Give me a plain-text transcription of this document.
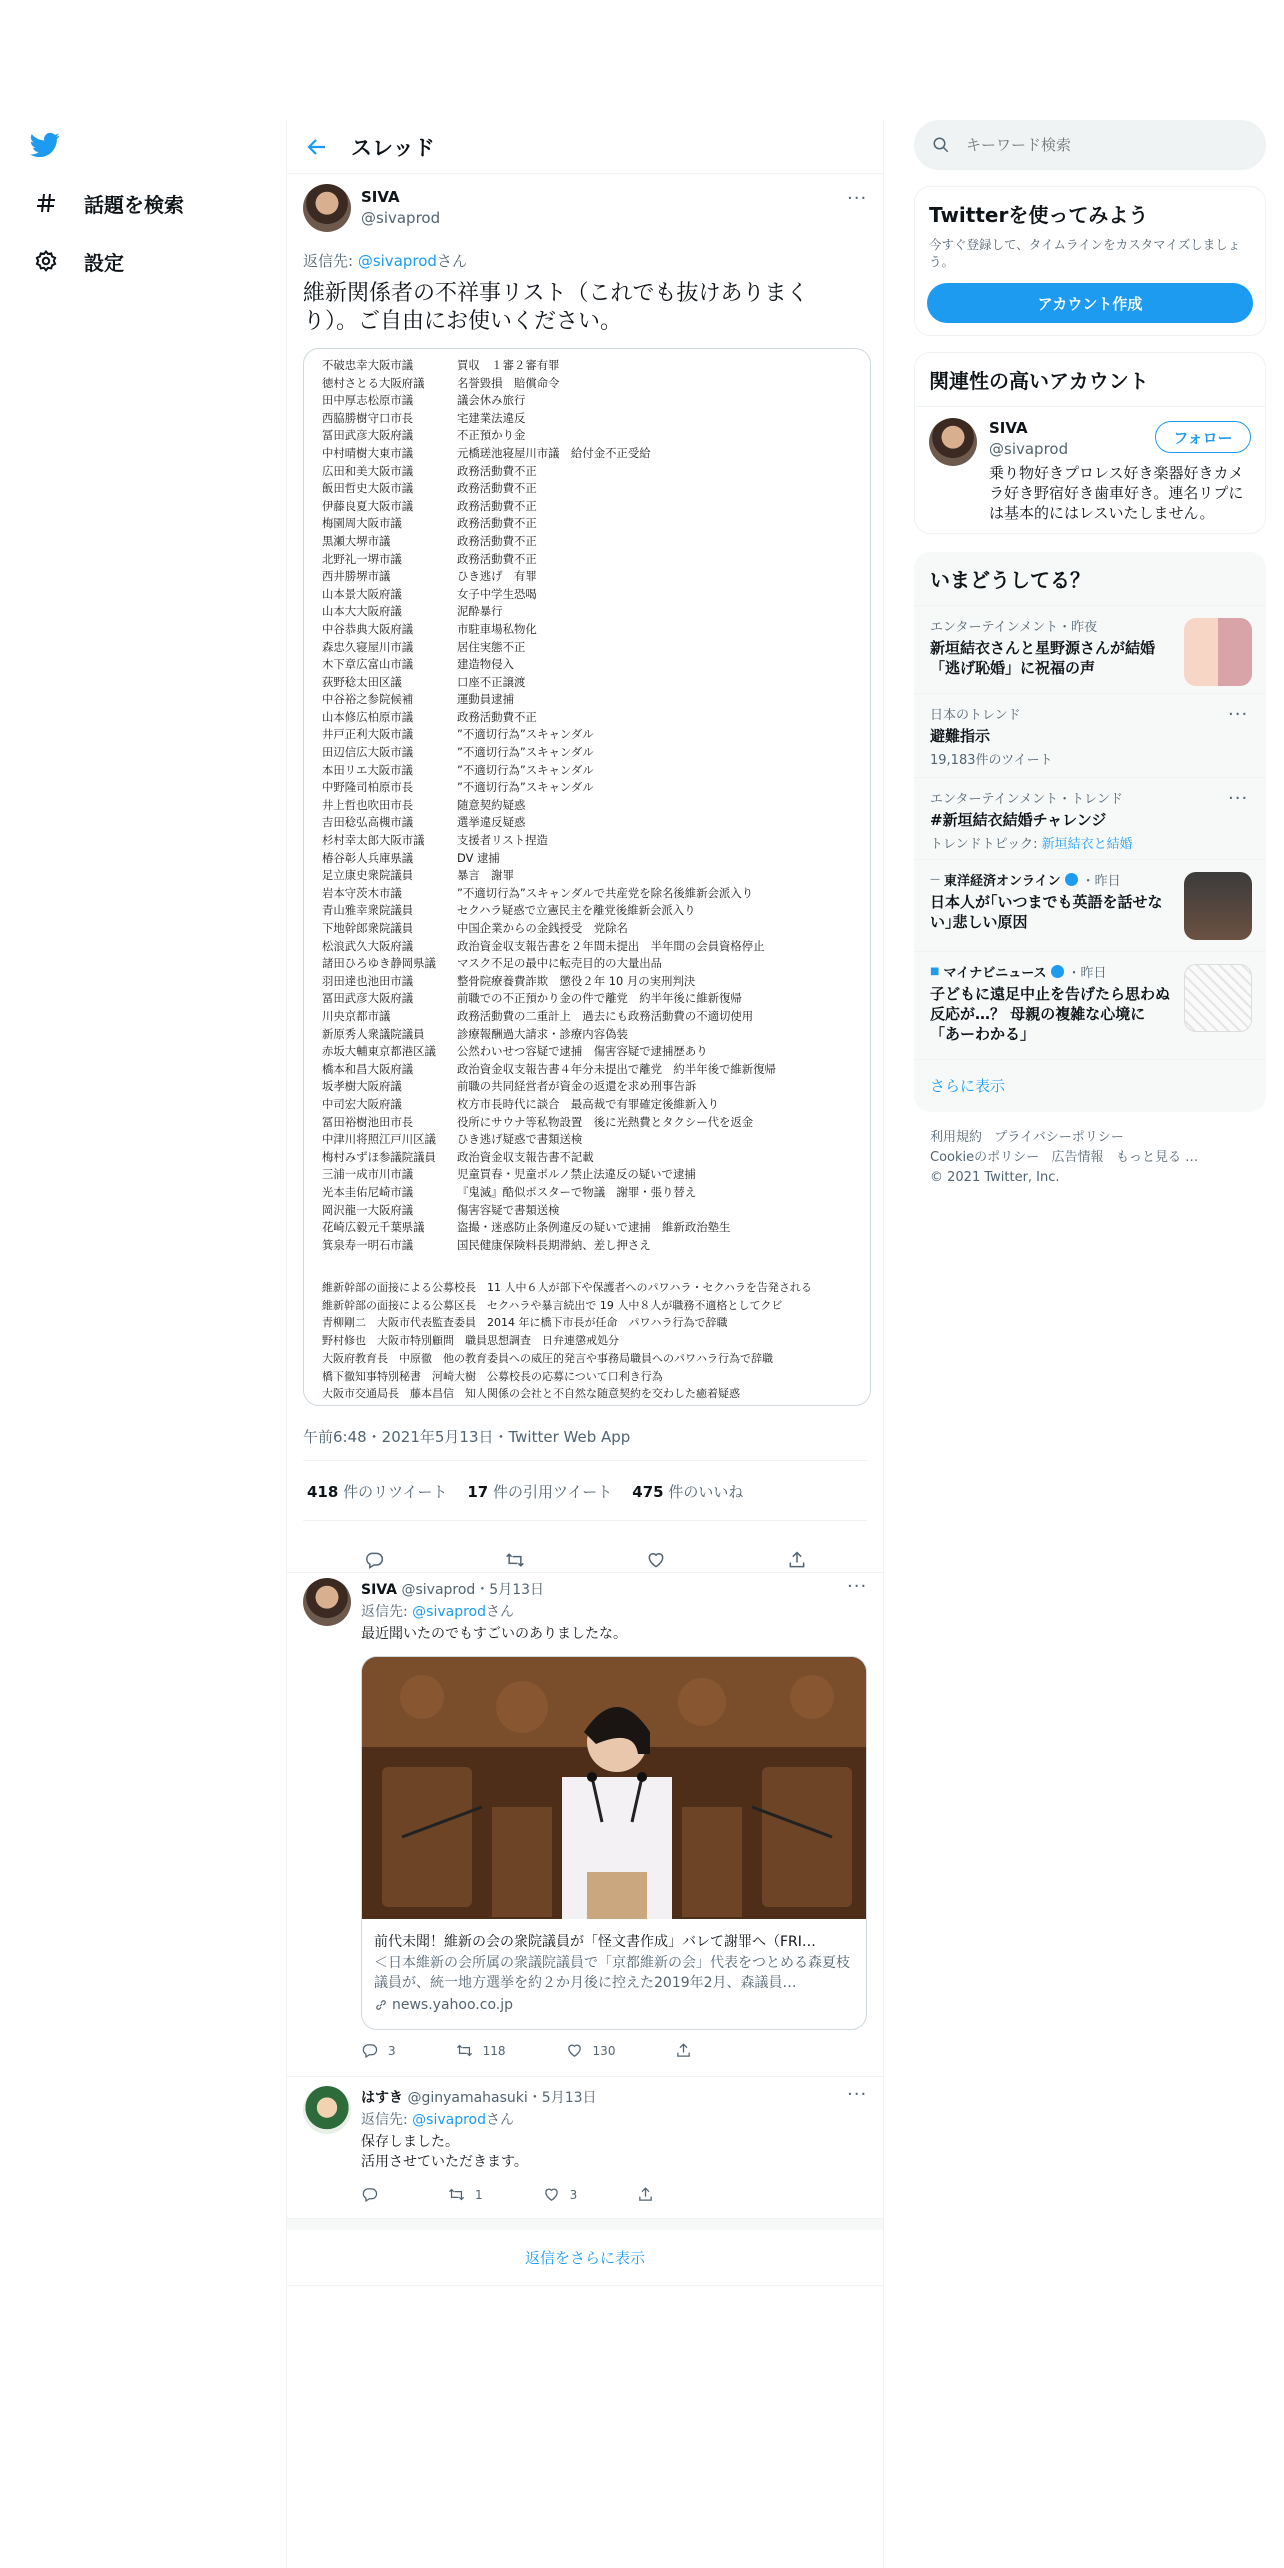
話題を検索
設定
スレッド
SIVA
@sivaprod
···
返信先: @sivaprodさん
維新関係者の不祥事リスト（これでも抜けありまくり）。ご自由にお使いください。
不破忠幸大阪市議	買収　１審２審有罪
徳村さとる大阪府議	名誉毀損　賠償命令
田中厚志松原市議	議会休み旅行
西脇勝樹守口市長	宅建業法違反
冨田武彦大阪府議	不正預かり金
中村晴樹大東市議	元橋瑳池寝屋川市議　給付金不正受給
広田和美大阪市議	政務活動費不正
飯田哲史大阪市議	政務活動費不正
伊藤良夏大阪市議	政務活動費不正
梅園周大阪市議	政務活動費不正
黒瀬大堺市議	政務活動費不正
北野礼一堺市議	政務活動費不正
西井勝堺市議	ひき逃げ　有罪
山本景大阪府議	女子中学生恐喝
山本大大阪府議	泥酔暴行
中谷恭典大阪府議	市駐車場私物化
森忠久寝屋川市議	居住実態不正
木下章広富山市議	建造物侵入
荻野稔太田区議	口座不正譲渡
中谷裕之参院候補	運動員逮捕
山本修広柏原市議	政務活動費不正
井戸正利大阪市議	”不適切行為”スキャンダル
田辺信広大阪市議	”不適切行為”スキャンダル
本田リエ大阪市議	”不適切行為”スキャンダル
中野隆司柏原市長	”不適切行為”スキャンダル
井上哲也吹田市長	随意契約疑惑
吉田稔弘高槻市議	選挙違反疑惑
杉村幸太郎大阪市議	支援者リスト捏造
椿谷彰人兵庫県議	DV 逮捕
足立康史衆院議員	暴言　謝罪
岩本守茨木市議	”不適切行為”スキャンダルで共産党を除名後維新会派入り
青山雅幸衆院議員	セクハラ疑惑で立憲民主を離党後維新会派入り
下地幹郎衆院議員	中国企業からの金銭授受　党除名
松浪武久大阪府議	政治資金収支報告書を２年間未提出　半年間の会員資格停止
諸田ひろゆき静岡県議 マスク不足の最中に転売目的の大量出品
羽田達也池田市議	整骨院療養費詐欺　懲役２年 10 月の実刑判決
冨田武彦大阪府議	前職での不正預かり金の件で離党　約半年後に維新復帰
川央京都市議	政務活動費の二重計上　過去にも政務活動費の不適切使用
新原秀人衆議院議員	診療報酬過大請求・診療内容偽装
赤坂大輔東京都港区議 公然わいせつ容疑で逮捕　傷害容疑で逮捕歴あり
橋本和昌大阪府議	政治資金収支報告書４年分未提出で離党　約半年後で維新復帰
坂孝樹大阪府議	前職の共同経営者が資金の返還を求め刑事告訴
中司宏大阪府議	枚方市長時代に談合　最高裁で有罪確定後維新入り
冨田裕樹池田市長	役所にサウナ等私物設置　後に光熱費とタクシー代を返金
中津川将照江戸川区議 ひき逃げ疑惑で書類送検
梅村みずほ参議院議員 政治資金収支報告書不記載
三浦一成市川市議	児童買春・児童ポルノ禁止法違反の疑いで逮捕
光本圭佑尼崎市議	『鬼滅』酷似ポスターで物議　謝罪・張り替え
岡沢龍一大阪府議	傷害容疑で書類送検
花崎広毅元千葉県議	盗撮・迷惑防止条例違反の疑いで逮捕　維新政治塾生
箕泉寿一明石市議	国民健康保険料長期滞納、差し押さえ
維新幹部の面接による公募校長　11 人中６人が部下や保護者へのパワハラ・セクハラを告発される
維新幹部の面接による公募区長　セクハラや暴言続出で 19 人中８人が職務不適格としてクビ
青柳剛二　大阪市代表監査委員　2014 年に橋下市長が任命　パワハラ行為で辞職
野村修也　大阪市特別顧問　職員思想調査　日弁連懲戒処分
大阪府教育長　中原徹　他の教育委員への威圧的発言や事務局職員へのパワハラ行為で辞職
橋下徹知事特別秘書　河崎大樹　公募校長の応募について口利き行為
大阪市交通局長　藤本昌信　知人関係の会社と不自然な随意契約を交わした癒着疑惑
午前6:48・2021年5月13日・Twitter Web App
418 件のリツイート 17 件の引用ツイート 475 件のいいね
SIVA @sivaprod・5月13日	···
返信先: @sivaprodさん
最近聞いたのでもすごいのありましたな。
前代未聞！維新の会の衆院議員が「怪文書作成」バレて謝罪へ（FRI…
＜日本維新の会所属の衆議院議員で「京都維新の会」代表をつとめる森夏枝議員が、統一地方選挙を約２か月後に控えた2019年2月、森議員…
news.yahoo.co.jp
3	118	130
はすき @ginyamahasuki・5月13日	···
返信先: @sivaprodさん
保存しました。
活用させていただきます。
1	3
返信をさらに表示
キーワード検索
Twitterを使ってみよう
今すぐ登録して、タイムラインをカスタマイズしましょう。
アカウント作成
関連性の高いアカウント
SIVA
@sivaprod
フォロー
乗り物好きプロレス好き楽器好きカメラ好き野宿好き歯車好き。連名リプには基本的にはレスいたしません。
いまどうしてる？
エンターテインメント・昨夜
新垣結衣さんと星野源さんが結婚　「逃げ恥婚」に祝福の声
日本のトレンド
避難指示
19,183件のツイート
···
エンターテインメント・トレンド
#新垣結衣結婚チャレンジ
トレンドトピック: 新垣結衣と結婚
···
— 東洋経済オンライン ・昨日
日本人が｢いつまでも英語を話せない｣悲しい原因
■ マイナビニュース ・昨日
子どもに遠足中止を告げたら思わぬ反応が…？ 母親の複雑な心境に「あーわかる」
さらに表示
利用規約 プライバシーポリシー
Cookieのポリシー 広告情報 もっと見る …
© 2021 Twitter, Inc.
